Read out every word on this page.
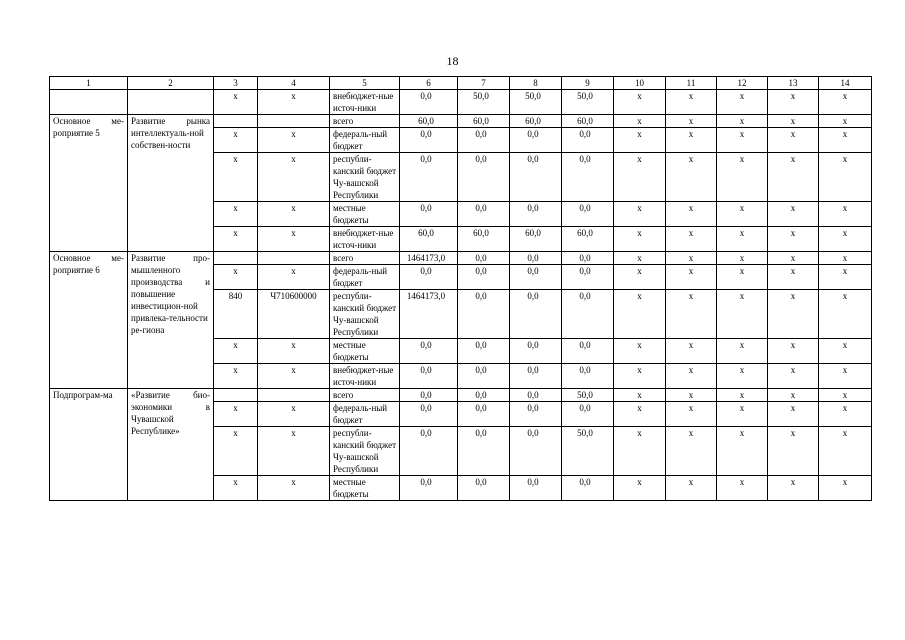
18
1	2	3	4	5	6	7	8	9	10	11	12	13	14
		x	x	внебюджет-ные источ-ники	0,0	50,0	50,0	50,0	x	x	x	x	x
Основное ме-роприятие 5	Развитие рынка интеллектуаль-ной собствен-ности			всего	60,0	60,0	60,0	60,0	x	x	x	x	x
		x	x	федераль-ный бюджет	0,0	0,0	0,0	0,0	x	x	x	x	x
		x	x	республи-канский бюджет Чу-вашской Республики	0,0	0,0	0,0	0,0	x	x	x	x	x
		x	x	местные бюджеты	0,0	0,0	0,0	0,0	x	x	x	x	x
		x	x	внебюджет-ные источ-ники	60,0	60,0	60,0	60,0	x	x	x	x	x
Основное ме-роприятие 6	Развитие про-мышленного производства и повышение инвестицион-ной привлека-тельности ре-гиона			всего	1464173,0	0,0	0,0	0,0	x	x	x	x	x
		x	x	федераль-ный бюджет	0,0	0,0	0,0	0,0	x	x	x	x	x
		840	Ч710600000	республи-канский бюджет Чу-вашской Республики	1464173,0	0,0	0,0	0,0	x	x	x	x	x
		x	x	местные бюджеты	0,0	0,0	0,0	0,0	x	x	x	x	x
		x	x	внебюджет-ные источ-ники	0,0	0,0	0,0	0,0	x	x	x	x	x
Подпрограм-ма	«Развитие био-экономики в Чувашской Республике»			всего	0,0	0,0	0,0	50,0	x	x	x	x	x
		x	x	федераль-ный бюджет	0,0	0,0	0,0	0,0	x	x	x	x	x
		x	x	республи-канский бюджет Чу-вашской Республики	0,0	0,0	0,0	50,0	x	x	x	x	x
		x	x	местные бюджеты	0,0	0,0	0,0	0,0	x	x	x	x	x
